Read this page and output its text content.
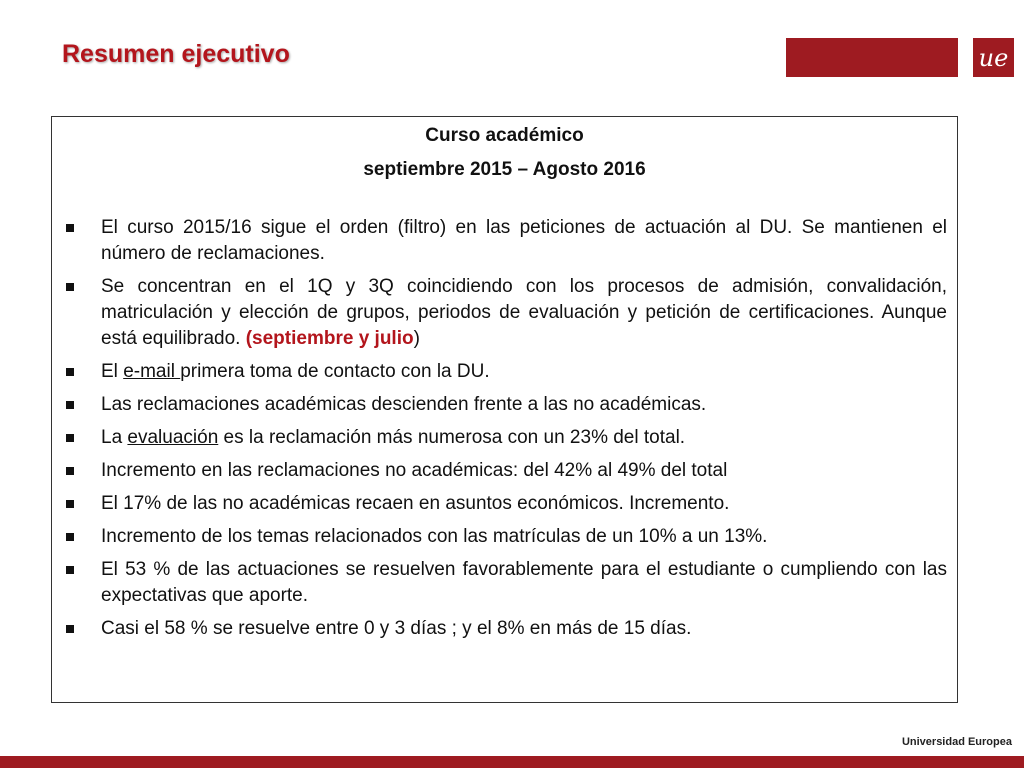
Resumen ejecutivo	ue
Curso académico
septiembre 2015 – Agosto 2016
El curso 2015/16 sigue el orden (filtro) en las peticiones de actuación al DU. Se mantienen el número de reclamaciones.
Se concentran en el 1Q y 3Q coincidiendo con los procesos de admisión, convalidación, matriculación y elección de grupos, periodos de evaluación y petición de certificaciones. Aunque está equilibrado. (septiembre y julio)
El e-mail primera toma de contacto con la DU.
Las reclamaciones académicas descienden frente a las no académicas.
La evaluación es la reclamación más numerosa con un 23% del total.
Incremento en las reclamaciones no académicas: del 42% al 49% del total
El 17% de las no académicas recaen en asuntos económicos. Incremento.
Incremento de los temas relacionados con las matrículas de un 10% a un 13%.
El 53 % de las actuaciones se resuelven favorablemente para el estudiante o cumpliendo con las expectativas que aporte.
Casi el 58 % se resuelve entre 0 y 3 días ; y el 8% en más de 15 días.
Universidad Europea
